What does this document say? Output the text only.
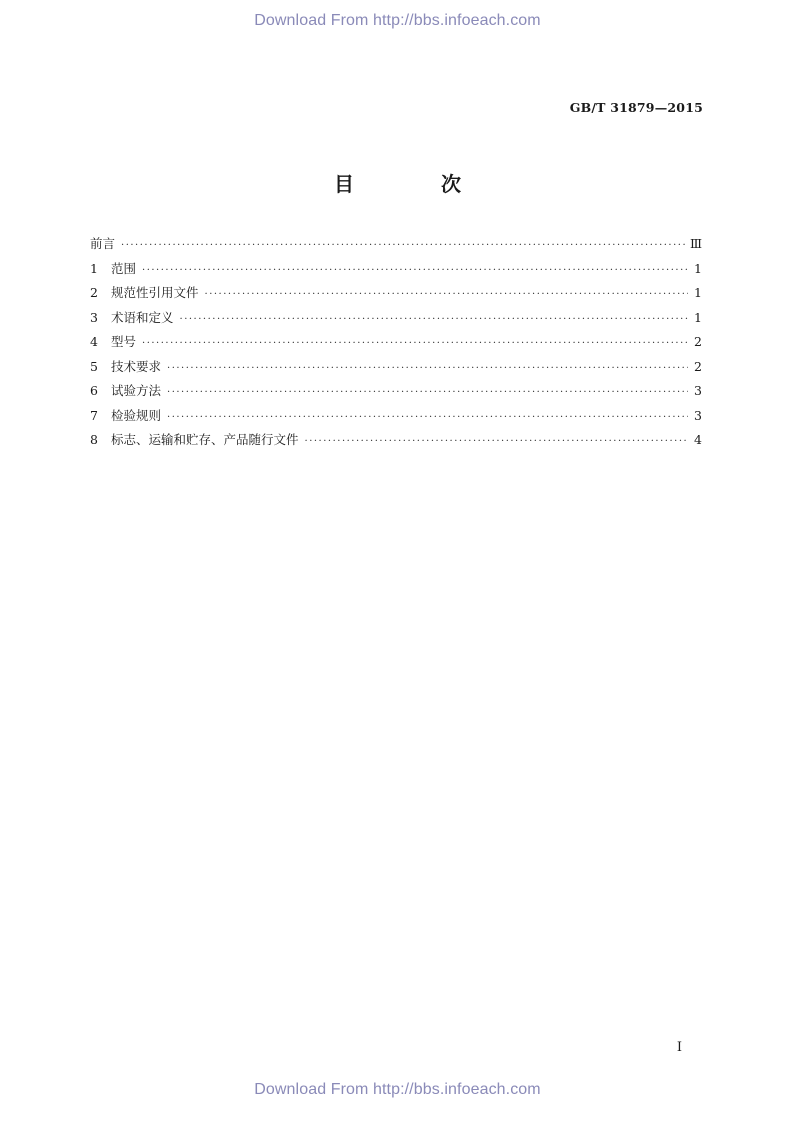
Download From http://bbs.infoeach.com
GB/T 31879—2015
目 次
前言 ·····	Ⅲ
1	范围 ·····	1
2	规范性引用文件 ·····	1
3	术语和定义 ·····	1
4	型号 ·····	2
5	技术要求 ·····	2
6	试验方法 ·····	3
7	检验规则 ·····	3
8	标志、运输和贮存、产品随行文件 ·····	4
Ⅰ
Download From http://bbs.infoeach.com
